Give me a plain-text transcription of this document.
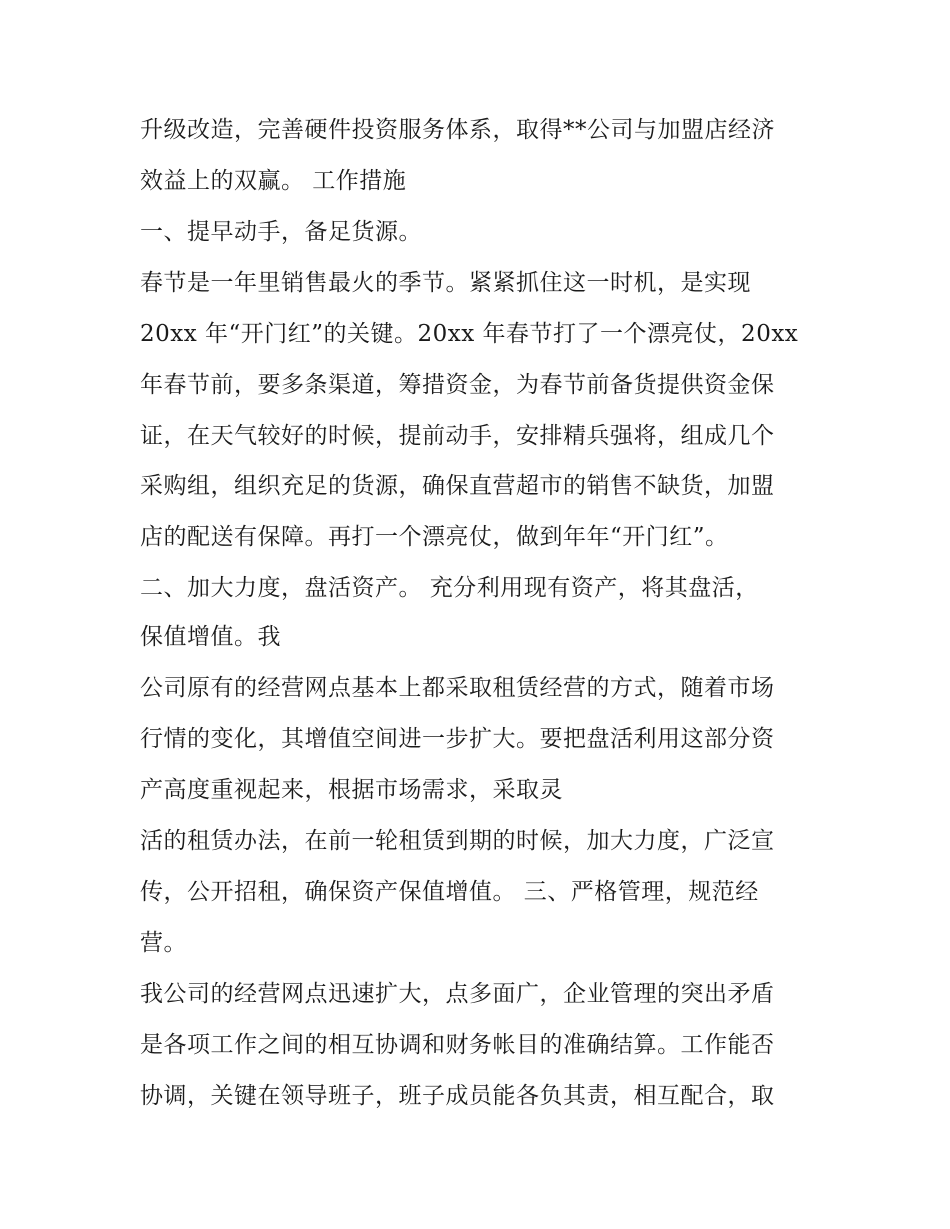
升级改造，完善硬件投资服务体系，取得**公司与加盟店经济

效益上的双赢。 工作措施

一、提早动手，备足货源。

春节是一年里销售最火的季节。紧紧抓住这一时机，是实现

20xx 年“开门红”的关键。20xx 年春节打了一个漂亮仗，20xx

年春节前，要多条渠道，筹措资金，为春节前备货提供资金保

证，在天气较好的时候，提前动手，安排精兵强将，组成几个

采购组，组织充足的货源，确保直营超市的销售不缺货，加盟

店的配送有保障。再打一个漂亮仗，做到年年“开门红”。

二、加大力度，盘活资产。 充分利用现有资产，将其盘活，

保值增值。我

公司原有的经营网点基本上都采取租赁经营的方式，随着市场

行情的变化，其增值空间进一步扩大。要把盘活利用这部分资

产高度重视起来，根据市场需求，采取灵

活的租赁办法，在前一轮租赁到期的时候，加大力度，广泛宣

传，公开招租，确保资产保值增值。 三、严格管理，规范经

营。

我公司的经营网点迅速扩大，点多面广，企业管理的突出矛盾

是各项工作之间的相互协调和财务帐目的准确结算。工作能否

协调，关键在领导班子，班子成员能各负其责，相互配合，取
